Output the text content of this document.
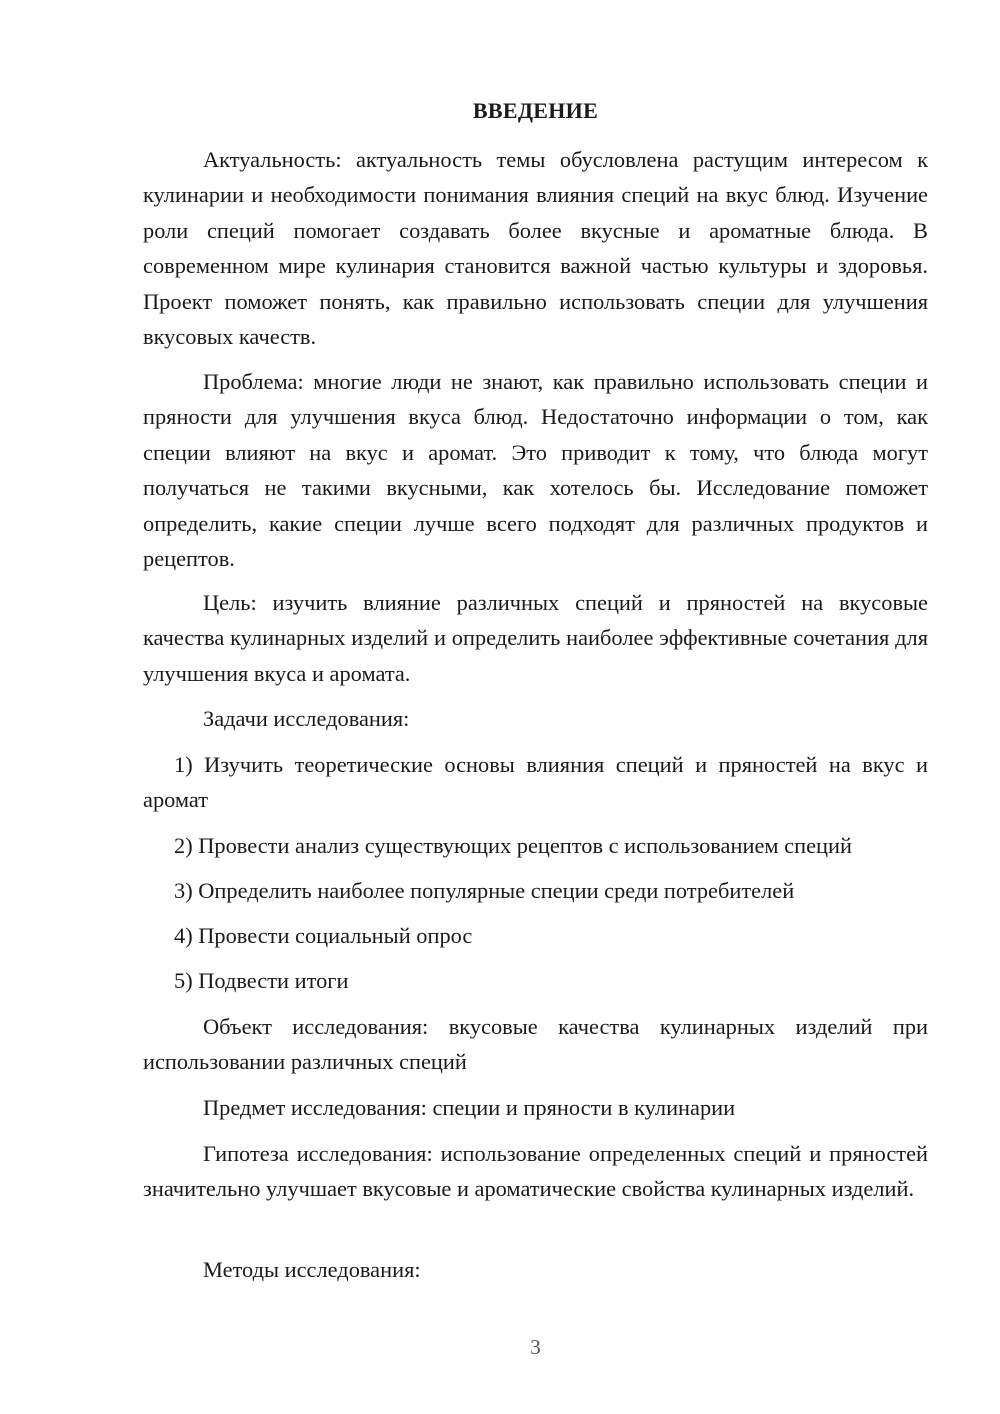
ВВЕДЕНИЕ

Актуальность: актуальность темы обусловлена растущим интересом к кулинарии и необходимости понимания влияния специй на вкус блюд. Изучение роли специй помогает создавать более вкусные и ароматные блюда. В современном мире кулинария становится важной частью культуры и здоровья. Проект поможет понять, как правильно использовать специи для улучшения вкусовых качеств.

Проблема: многие люди не знают, как правильно использовать специи и пряности для улучшения вкуса блюд. Недостаточно информации о том, как специи влияют на вкус и аромат. Это приводит к тому, что блюда могут получаться не такими вкусными, как хотелось бы. Исследование поможет определить, какие специи лучше всего подходят для различных продуктов и рецептов.

Цель: изучить влияние различных специй и пряностей на вкусовые качества кулинарных изделий и определить наиболее эффективные сочетания для улучшения вкуса и аромата.

Задачи исследования:

1) Изучить теоретические основы влияния специй и пряностей на вкус и аромат

2) Провести анализ существующих рецептов с использованием специй

3) Определить наиболее популярные специи среди потребителей

4) Провести социальный опрос

5) Подвести итоги

Объект исследования: вкусовые качества кулинарных изделий при использовании различных специй

Предмет исследования: специи и пряности в кулинарии

Гипотеза исследования: использование определенных специй и пряностей значительно улучшает вкусовые и ароматические свойства кулинарных изделий.

Методы исследования:

3
